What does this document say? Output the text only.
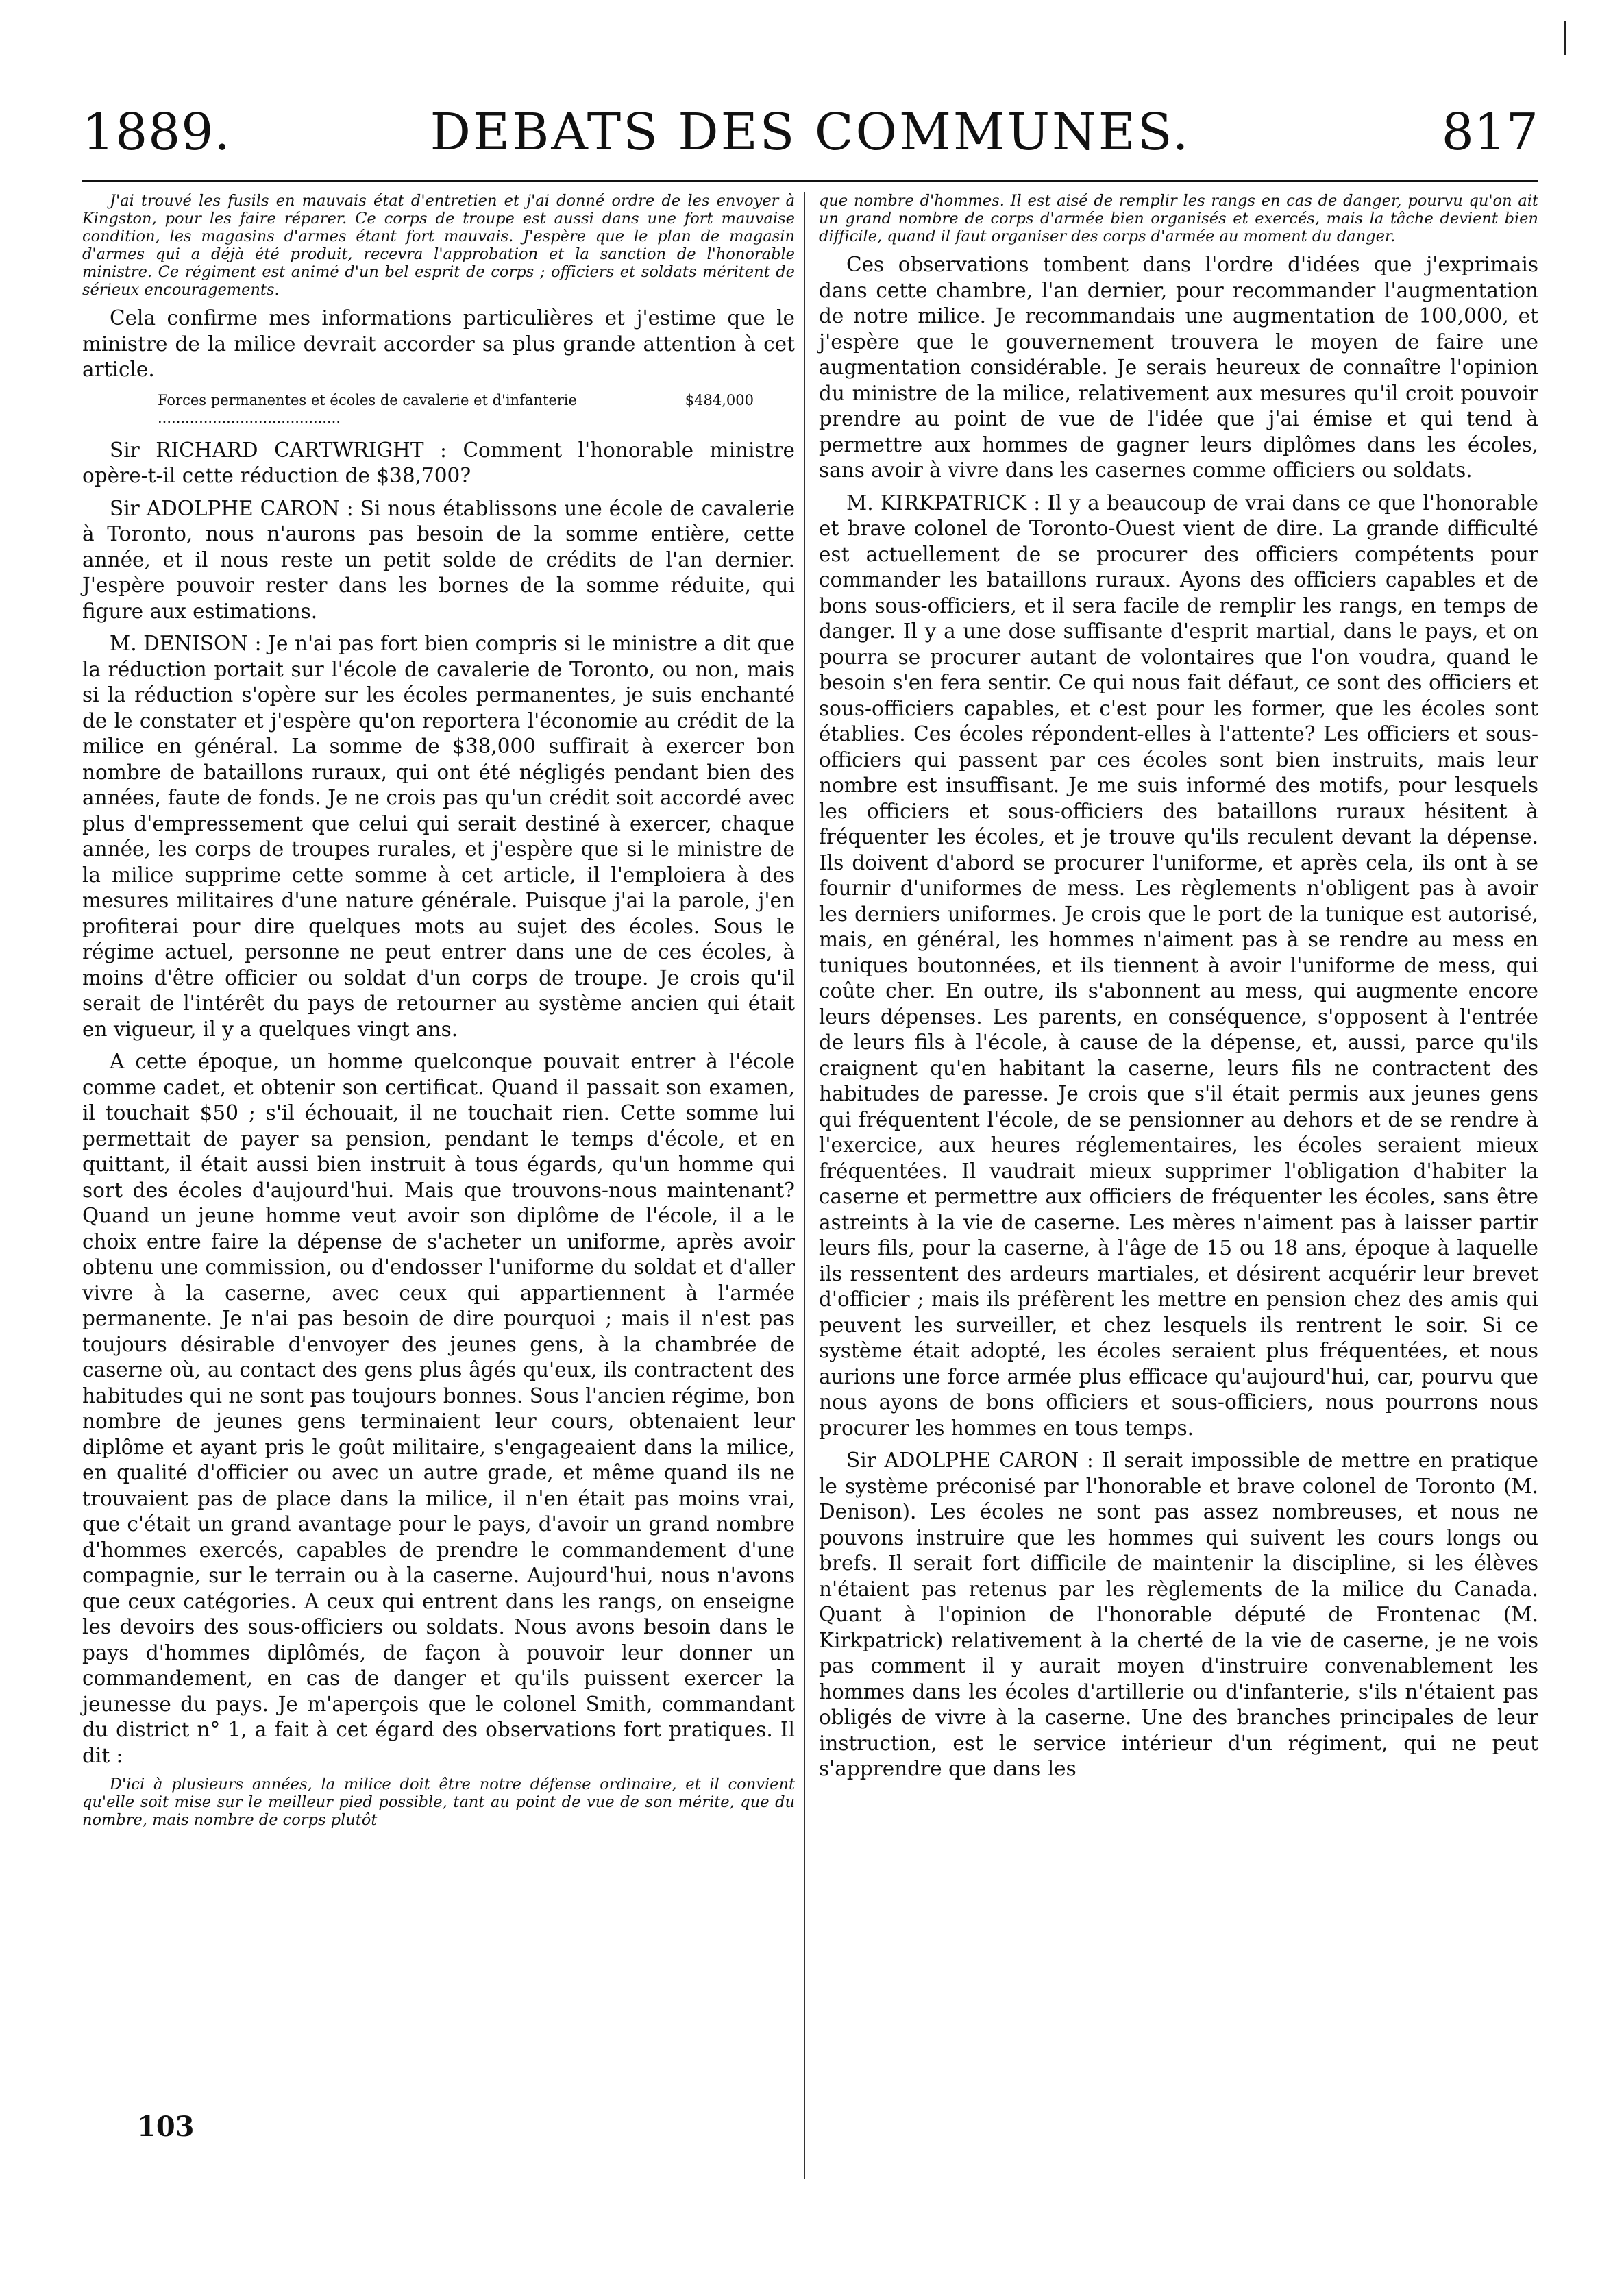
1889.	DEBATS DES COMMUNES.	817

J'ai trouvé les fusils en mauvais état d'entretien et j'ai donné ordre de les envoyer à Kingston, pour les faire réparer. Ce corps de troupe est aussi dans une fort mauvaise condition, les magasins d'armes étant fort mauvais. J'espère que le plan de magasin d'armes qui a déjà été produit, recevra l'approbation et la sanction de l'honorable ministre. Ce régiment est animé d'un bel esprit de corps ; officiers et soldats méritent de sérieux encouragements.

Cela confirme mes informations particulières et j'estime que le ministre de la milice devrait accorder sa plus grande attention à cet article.

$484,000
Forces permanentes et écoles de cavalerie et d'infanterie ........................................

Sir RICHARD CARTWRIGHT : Comment l'honorable ministre opère-t-il cette réduction de $38,700?

Sir ADOLPHE CARON : Si nous établissons une école de cavalerie à Toronto, nous n'aurons pas besoin de la somme entière, cette année, et il nous reste un petit solde de crédits de l'an dernier. J'espère pouvoir rester dans les bornes de la somme réduite, qui figure aux estimations.

M. DENISON : Je n'ai pas fort bien compris si le ministre a dit que la réduction portait sur l'école de cavalerie de Toronto, ou non, mais si la réduction s'opère sur les écoles permanentes, je suis enchanté de le constater et j'espère qu'on reportera l'économie au crédit de la milice en général. La somme de $38,000 suffirait à exercer bon nombre de bataillons ruraux, qui ont été négligés pendant bien des années, faute de fonds. Je ne crois pas qu'un crédit soit accordé avec plus d'empressement que celui qui serait destiné à exercer, chaque année, les corps de troupes rurales, et j'espère que si le ministre de la milice supprime cette somme à cet article, il l'emploiera à des mesures militaires d'une nature générale. Puisque j'ai la parole, j'en profiterai pour dire quelques mots au sujet des écoles. Sous le régime actuel, personne ne peut entrer dans une de ces écoles, à moins d'être officier ou soldat d'un corps de troupe. Je crois qu'il serait de l'intérêt du pays de retourner au système ancien qui était en vigueur, il y a quelques vingt ans.

A cette époque, un homme quelconque pouvait entrer à l'école comme cadet, et obtenir son certificat. Quand il passait son examen, il touchait $50 ; s'il échouait, il ne touchait rien. Cette somme lui permettait de payer sa pension, pendant le temps d'école, et en quittant, il était aussi bien instruit à tous égards, qu'un homme qui sort des écoles d'aujourd'hui. Mais que trouvons-nous maintenant? Quand un jeune homme veut avoir son diplôme de l'école, il a le choix entre faire la dépense de s'acheter un uniforme, après avoir obtenu une commission, ou d'endosser l'uniforme du soldat et d'aller vivre à la caserne, avec ceux qui appartiennent à l'armée permanente. Je n'ai pas besoin de dire pourquoi ; mais il n'est pas toujours désirable d'envoyer des jeunes gens, à la chambrée de caserne où, au contact des gens plus âgés qu'eux, ils contractent des habitudes qui ne sont pas toujours bonnes. Sous l'ancien régime, bon nombre de jeunes gens terminaient leur cours, obtenaient leur diplôme et ayant pris le goût militaire, s'engageaient dans la milice, en qualité d'officier ou avec un autre grade, et même quand ils ne trouvaient pas de place dans la milice, il n'en était pas moins vrai, que c'était un grand avantage pour le pays, d'avoir un grand nombre d'hommes exercés, capables de prendre le commandement d'une compagnie, sur le terrain ou à la caserne. Aujourd'hui, nous n'avons que ceux catégories. A ceux qui entrent dans les rangs, on enseigne les devoirs des sous-officiers ou soldats. Nous avons besoin dans le pays d'hommes diplômés, de façon à pouvoir leur donner un commandement, en cas de danger et qu'ils puissent exercer la jeunesse du pays. Je m'aperçois que le colonel Smith, commandant du district n° 1, a fait à cet égard des observations fort pratiques. Il dit :

D'ici à plusieurs années, la milice doit être notre défense ordinaire, et il convient qu'elle soit mise sur le meilleur pied possible, tant au point de vue de son mérite, que du nombre, mais nombre de corps plutôt

que nombre d'hommes. Il est aisé de remplir les rangs en cas de danger, pourvu qu'on ait un grand nombre de corps d'armée bien organisés et exercés, mais la tâche devient bien difficile, quand il faut organiser des corps d'armée au moment du danger.

Ces observations tombent dans l'ordre d'idées que j'exprimais dans cette chambre, l'an dernier, pour recommander l'augmentation de notre milice. Je recommandais une augmentation de 100,000, et j'espère que le gouvernement trouvera le moyen de faire une augmentation considérable. Je serais heureux de connaître l'opinion du ministre de la milice, relativement aux mesures qu'il croit pouvoir prendre au point de vue de l'idée que j'ai émise et qui tend à permettre aux hommes de gagner leurs diplômes dans les écoles, sans avoir à vivre dans les casernes comme officiers ou soldats.

M. KIRKPATRICK : Il y a beaucoup de vrai dans ce que l'honorable et brave colonel de Toronto-Ouest vient de dire. La grande difficulté est actuellement de se procurer des officiers compétents pour commander les bataillons ruraux. Ayons des officiers capables et de bons sous-officiers, et il sera facile de remplir les rangs, en temps de danger. Il y a une dose suffisante d'esprit martial, dans le pays, et on pourra se procurer autant de volontaires que l'on voudra, quand le besoin s'en fera sentir. Ce qui nous fait défaut, ce sont des officiers et sous-officiers capables, et c'est pour les former, que les écoles sont établies. Ces écoles répondent-elles à l'attente? Les officiers et sous-officiers qui passent par ces écoles sont bien instruits, mais leur nombre est insuffisant. Je me suis informé des motifs, pour lesquels les officiers et sous-officiers des bataillons ruraux hésitent à fréquenter les écoles, et je trouve qu'ils reculent devant la dépense. Ils doivent d'abord se procurer l'uniforme, et après cela, ils ont à se fournir d'uniformes de mess. Les règlements n'obligent pas à avoir les derniers uniformes. Je crois que le port de la tunique est autorisé, mais, en général, les hommes n'aiment pas à se rendre au mess en tuniques boutonnées, et ils tiennent à avoir l'uniforme de mess, qui coûte cher. En outre, ils s'abonnent au mess, qui augmente encore leurs dépenses. Les parents, en conséquence, s'opposent à l'entrée de leurs fils à l'école, à cause de la dépense, et, aussi, parce qu'ils craignent qu'en habitant la caserne, leurs fils ne contractent des habitudes de paresse. Je crois que s'il était permis aux jeunes gens qui fréquentent l'école, de se pensionner au dehors et de se rendre à l'exercice, aux heures réglementaires, les écoles seraient mieux fréquentées. Il vaudrait mieux supprimer l'obligation d'habiter la caserne et permettre aux officiers de fréquenter les écoles, sans être astreints à la vie de caserne. Les mères n'aiment pas à laisser partir leurs fils, pour la caserne, à l'âge de 15 ou 18 ans, époque à laquelle ils ressentent des ardeurs martiales, et désirent acquérir leur brevet d'officier ; mais ils préfèrent les mettre en pension chez des amis qui peuvent les surveiller, et chez lesquels ils rentrent le soir. Si ce système était adopté, les écoles seraient plus fréquentées, et nous aurions une force armée plus efficace qu'aujourd'hui, car, pourvu que nous ayons de bons officiers et sous-officiers, nous pourrons nous procurer les hommes en tous temps.

Sir ADOLPHE CARON : Il serait impossible de mettre en pratique le système préconisé par l'honorable et brave colonel de Toronto (M. Denison). Les écoles ne sont pas assez nombreuses, et nous ne pouvons instruire que les hommes qui suivent les cours longs ou brefs. Il serait fort difficile de maintenir la discipline, si les élèves n'étaient pas retenus par les règlements de la milice du Canada. Quant à l'opinion de l'honorable député de Frontenac (M. Kirkpatrick) relativement à la cherté de la vie de caserne, je ne vois pas comment il y aurait moyen d'instruire convenablement les hommes dans les écoles d'artillerie ou d'infanterie, s'ils n'étaient pas obligés de vivre à la caserne. Une des branches principales de leur instruction, est le service intérieur d'un régiment, qui ne peut s'apprendre que dans les

103
